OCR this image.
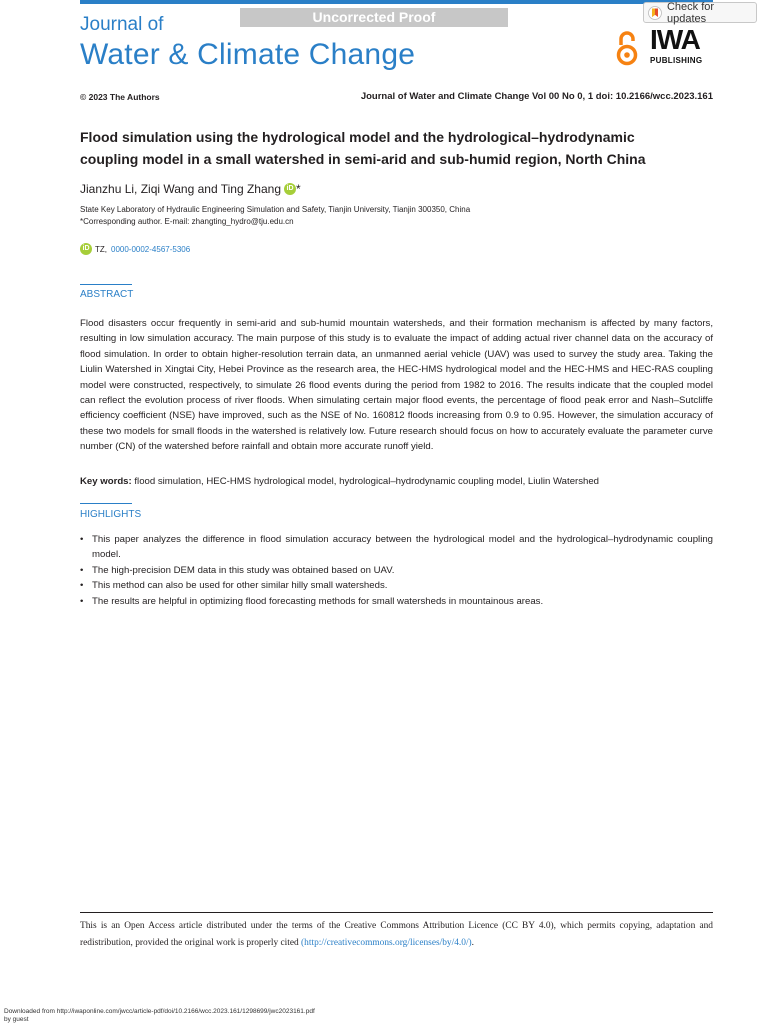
Uncorrected Proof
Check for updates
Journal of
Water & Climate Change	IWA
PUBLISHING
© 2023 The Authors	Journal of Water and Climate Change Vol 00 No 0, 1 doi: 10.2166/wcc.2023.161
Flood simulation using the hydrological model and the hydrological–hydrodynamic
coupling model in a small watershed in semi-arid and sub-humid region, North China
Jianzhu Li, Ziqi Wang and Ting Zhang iD *
State Key Laboratory of Hydraulic Engineering Simulation and Safety, Tianjin University, Tianjin 300350, China
*Corresponding author. E-mail: zhangting_hydro@tju.edu.cn
iD TZ, 0000-0002-4567-5306
ABSTRACT
Flood disasters occur frequently in semi-arid and sub-humid mountain watersheds, and their formation mechanism is affected by many factors, resulting in low simulation accuracy. The main purpose of this study is to evaluate the impact of adding actual river channel data on the accuracy of flood simulation. In order to obtain higher-resolution terrain data, an unmanned aerial vehicle (UAV) was used to survey the study area. Taking the Liulin Watershed in Xingtai City, Hebei Province as the research area, the HEC-HMS hydrological model and the HEC-HMS and HEC-RAS coupling model were constructed, respectively, to simulate 26 flood events during the period from 1982 to 2016. The results indicate that the coupled model can reflect the evolution process of river floods. When simulating certain major flood events, the percentage of flood peak error and Nash–Sutcliffe efficiency coefficient (NSE) have improved, such as the NSE of No. 160812 floods increasing from 0.9 to 0.95. However, the simulation accuracy of these two models for small floods in the watershed is relatively low. Future research should focus on how to accurately evaluate the parameter curve number (CN) of the watershed before rainfall and obtain more accurate runoff yield.
Key words: flood simulation, HEC-HMS hydrological model, hydrological–hydrodynamic coupling model, Liulin Watershed
HIGHLIGHTS
• This paper analyzes the difference in flood simulation accuracy between the hydrological model and the hydrological–hydrodynamic coupling model.
• The high-precision DEM data in this study was obtained based on UAV.
• This method can also be used for other similar hilly small watersheds.
• The results are helpful in optimizing flood forecasting methods for small watersheds in mountainous areas.
This is an Open Access article distributed under the terms of the Creative Commons Attribution Licence (CC BY 4.0), which permits copying, adaptation and redistribution, provided the original work is properly cited (http://creativecommons.org/licenses/by/4.0/).
Downloaded from http://iwaponline.com/jwcc/article-pdf/doi/10.2166/wcc.2023.161/1298699/jwc2023161.pdf
by guest
